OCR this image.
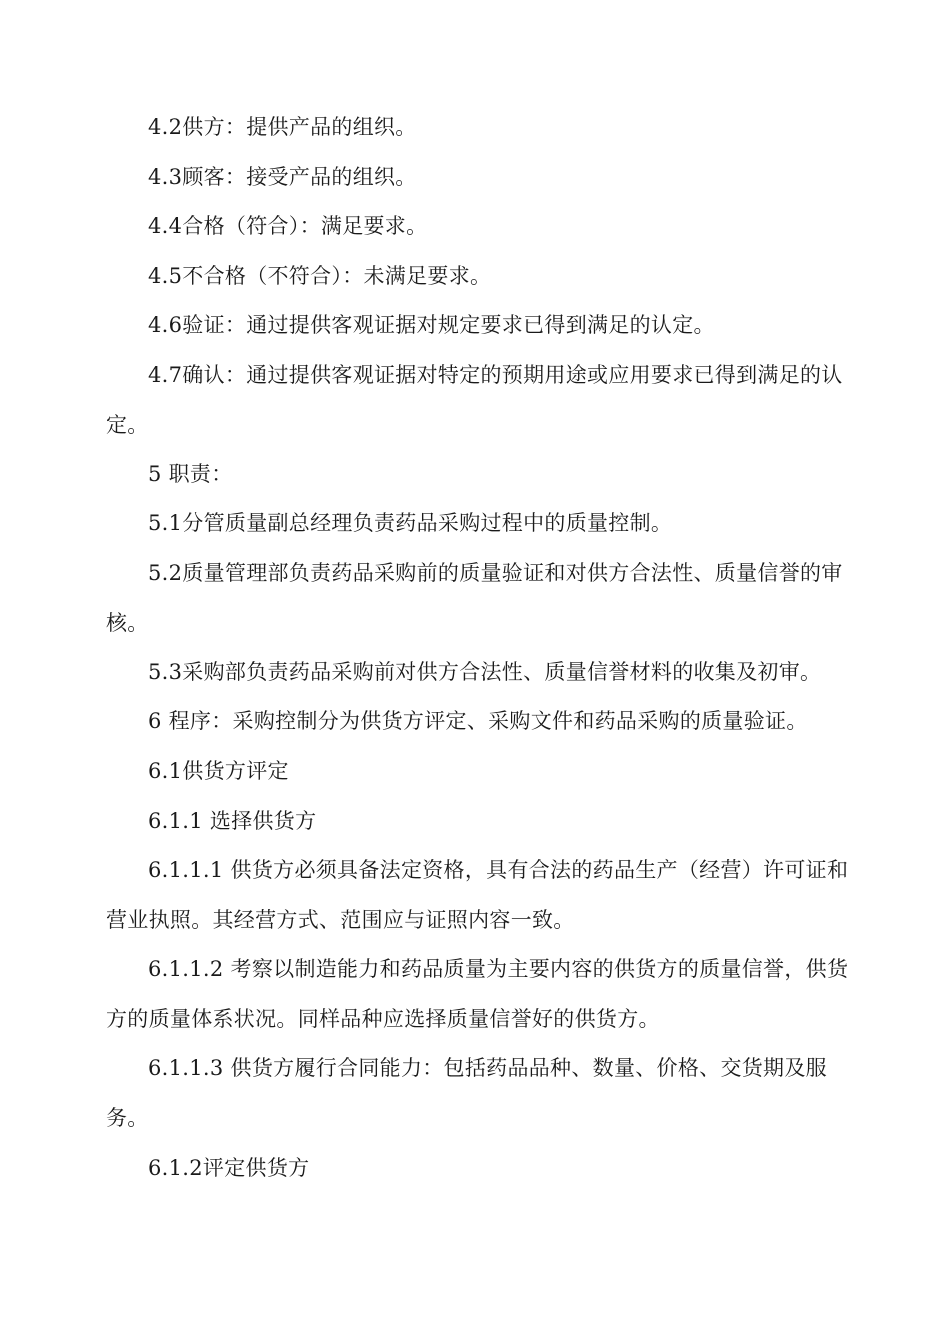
4.2供方：提供产品的组织。

4.3顾客：接受产品的组织。

4.4合格（符合）：满足要求。

4.5不合格（不符合）：未满足要求。

4.6验证：通过提供客观证据对规定要求已得到满足的认定。

4.7确认：通过提供客观证据对特定的预期用途或应用要求已得到满足的认定。

5 职责：

5.1分管质量副总经理负责药品采购过程中的质量控制。

5.2质量管理部负责药品采购前的质量验证和对供方合法性、质量信誉的审核。

5.3采购部负责药品采购前对供方合法性、质量信誉材料的收集及初审。

6 程序：采购控制分为供货方评定、采购文件和药品采购的质量验证。

6.1供货方评定

6.1.1 选择供货方

6.1.1.1 供货方必须具备法定资格，具有合法的药品生产（经营）许可证和营业执照。其经营方式、范围应与证照内容一致。

6.1.1.2 考察以制造能力和药品质量为主要内容的供货方的质量信誉，供货方的质量体系状况。同样品种应选择质量信誉好的供货方。

6.1.1.3 供货方履行合同能力：包括药品品种、数量、价格、交货期及服务。

6.1.2评定供货方
